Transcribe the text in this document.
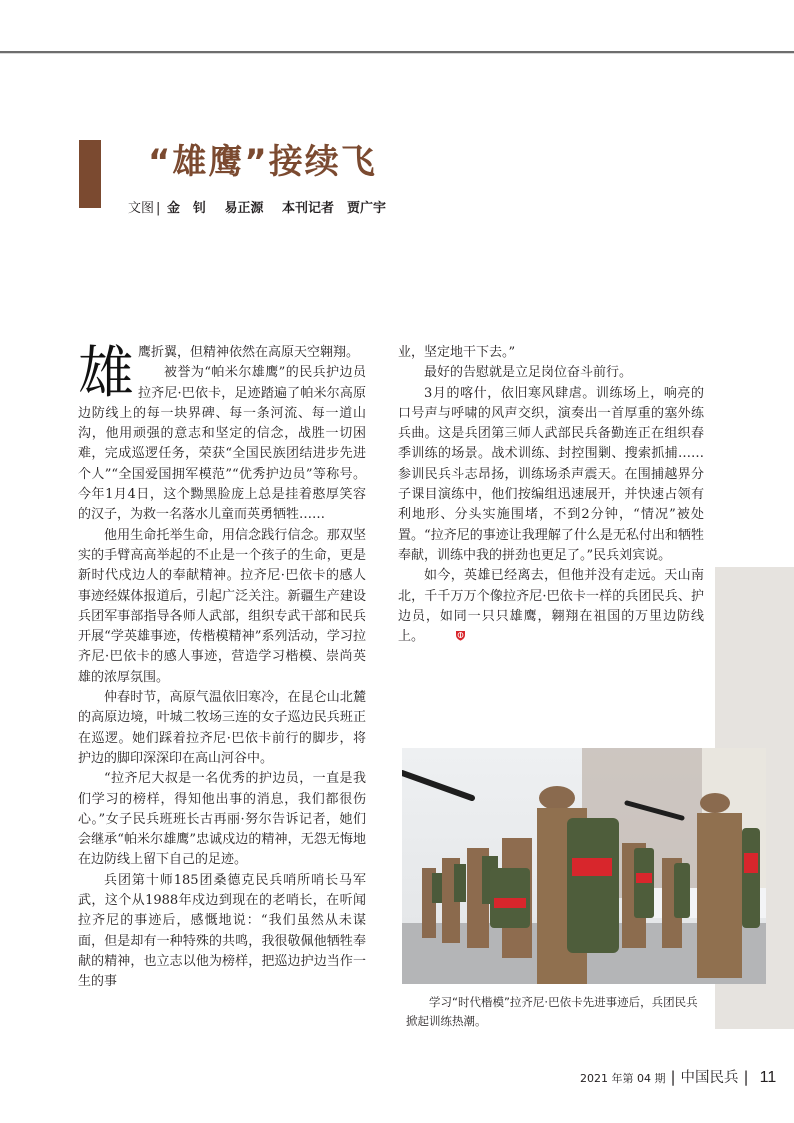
“雄鹰”接续飞
文图 | 金　钊 易正源 本刊记者　贾广宇
雄 鹰折翼，但精神依然在高原天空翱翔。

被誉为“帕米尔雄鹰”的民兵护边员拉齐尼·巴依卡，足迹踏遍了帕米尔高原边防线上的每一块界碑、每一条河流、每一道山沟，他用顽强的意志和坚定的信念，战胜一切困难，完成巡逻任务，荣获“全国民族团结进步先进个人”“全国爱国拥军模范”“优秀护边员”等称号。今年1月4日，这个黝黑脸庞上总是挂着憨厚笑容的汉子，为救一名落水儿童而英勇牺牲……

他用生命托举生命，用信念践行信念。那双坚实的手臂高高举起的不止是一个孩子的生命，更是新时代戍边人的奉献精神。拉齐尼·巴依卡的感人事迹经媒体报道后，引起广泛关注。新疆生产建设兵团军事部指导各师人武部，组织专武干部和民兵开展“学英雄事迹，传楷模精神”系列活动，学习拉齐尼·巴依卡的感人事迹，营造学习楷模、崇尚英雄的浓厚氛围。

仲春时节，高原气温依旧寒冷，在昆仑山北麓的高原边境，叶城二牧场三连的女子巡边民兵班正在巡逻。她们踩着拉齐尼·巴依卡前行的脚步，将护边的脚印深深印在高山河谷中。

“拉齐尼大叔是一名优秀的护边员，一直是我们学习的榜样，得知他出事的消息，我们都很伤心。”女子民兵班班长古再丽·努尔告诉记者，她们会继承“帕米尔雄鹰”忠诚戍边的精神，无怨无悔地在边防线上留下自己的足迹。

兵团第十师185团桑德克民兵哨所哨长马军武，这个从1988年戍边到现在的老哨长，在听闻拉齐尼的事迹后，感慨地说：“我们虽然从未谋面，但是却有一种特殊的共鸣，我很敬佩他牺牲奉献的精神，也立志以他为榜样，把巡边护边当作一生的事

业，坚定地干下去。”

最好的告慰就是立足岗位奋斗前行。

3月的喀什，依旧寒风肆虐。训练场上，响亮的口号声与呼啸的风声交织，演奏出一首厚重的塞外练兵曲。这是兵团第三师人武部民兵备勤连正在组织春季训练的场景。战术训练、封控围剿、搜索抓捕……参训民兵斗志昂扬，训练场杀声震天。在围捕越界分子课目演练中，他们按编组迅速展开，并快速占领有利地形、分头实施围堵，不到2分钟，“情况”被处置。“拉齐尼的事迹让我理解了什么是无私付出和牺牲奉献，训练中我的拼劲也更足了。”民兵刘宾说。

如今，英雄已经离去，但他并没有走远。天山南北，千千万万个像拉齐尼·巴依卡一样的兵团民兵、护边员，如同一只只雄鹰，翱翔在祖国的万里边防线上。

学习“时代楷模”拉齐尼·巴依卡先进事迹后，兵团民兵掀起训练热潮。
2021 年第 04 期 | 中国民兵 | 11
